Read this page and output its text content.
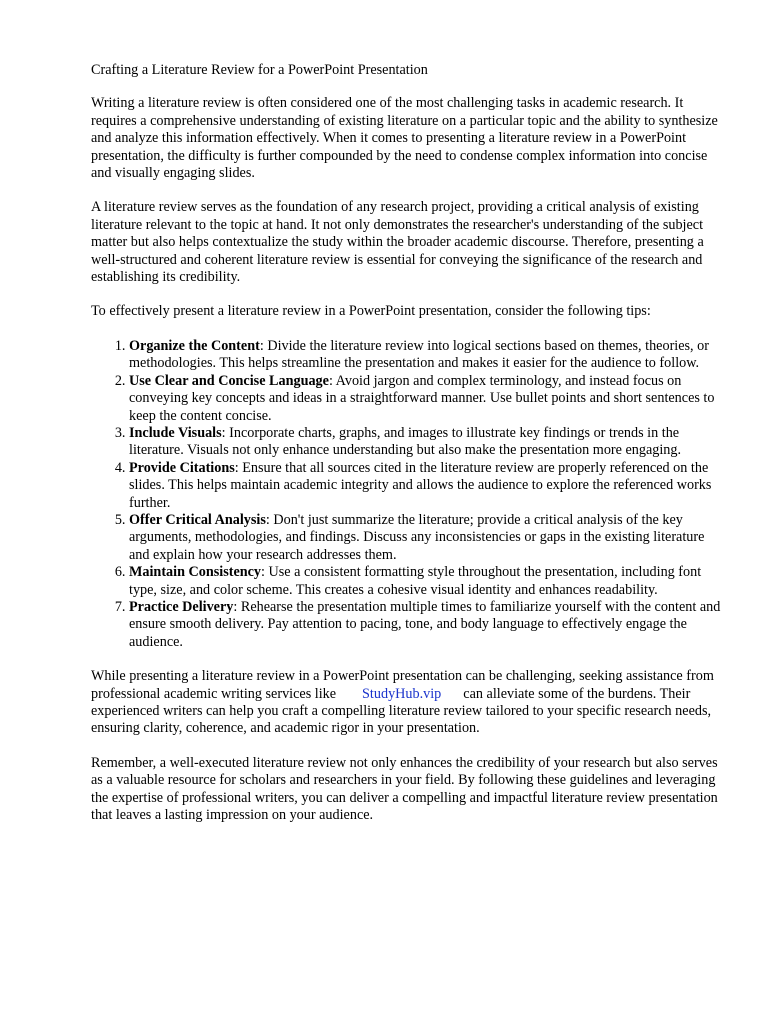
Crafting a Literature Review for a PowerPoint Presentation

Writing a literature review is often considered one of the most challenging tasks in academic research. It requires a comprehensive understanding of existing literature on a particular topic and the ability to synthesize and analyze this information effectively. When it comes to presenting a literature review in a PowerPoint presentation, the difficulty is further compounded by the need to condense complex information into concise and visually engaging slides.

A literature review serves as the foundation of any research project, providing a critical analysis of existing literature relevant to the topic at hand. It not only demonstrates the researcher's understanding of the subject matter but also helps contextualize the study within the broader academic discourse. Therefore, presenting a well-structured and coherent literature review is essential for conveying the significance of the research and establishing its credibility.

To effectively present a literature review in a PowerPoint presentation, consider the following tips:

1. Organize the Content: Divide the literature review into logical sections based on themes, theories, or methodologies. This helps streamline the presentation and makes it easier for the audience to follow.
2. Use Clear and Concise Language: Avoid jargon and complex terminology, and instead focus on conveying key concepts and ideas in a straightforward manner. Use bullet points and short sentences to keep the content concise.
3. Include Visuals: Incorporate charts, graphs, and images to illustrate key findings or trends in the literature. Visuals not only enhance understanding but also make the presentation more engaging.
4. Provide Citations: Ensure that all sources cited in the literature review are properly referenced on the slides. This helps maintain academic integrity and allows the audience to explore the referenced works further.
5. Offer Critical Analysis: Don't just summarize the literature; provide a critical analysis of the key arguments, methodologies, and findings. Discuss any inconsistencies or gaps in the existing literature and explain how your research addresses them.
6. Maintain Consistency: Use a consistent formatting style throughout the presentation, including font type, size, and color scheme. This creates a cohesive visual identity and enhances readability.
7. Practice Delivery: Rehearse the presentation multiple times to familiarize yourself with the content and ensure smooth delivery. Pay attention to pacing, tone, and body language to effectively engage the audience.

While presenting a literature review in a PowerPoint presentation can be challenging, seeking assistance from professional academic writing services like StudyHub.vip can alleviate some of the burdens. Their experienced writers can help you craft a compelling literature review tailored to your specific research needs, ensuring clarity, coherence, and academic rigor in your presentation.

Remember, a well-executed literature review not only enhances the credibility of your research but also serves as a valuable resource for scholars and researchers in your field. By following these guidelines and leveraging the expertise of professional writers, you can deliver a compelling and impactful literature review presentation that leaves a lasting impression on your audience.
